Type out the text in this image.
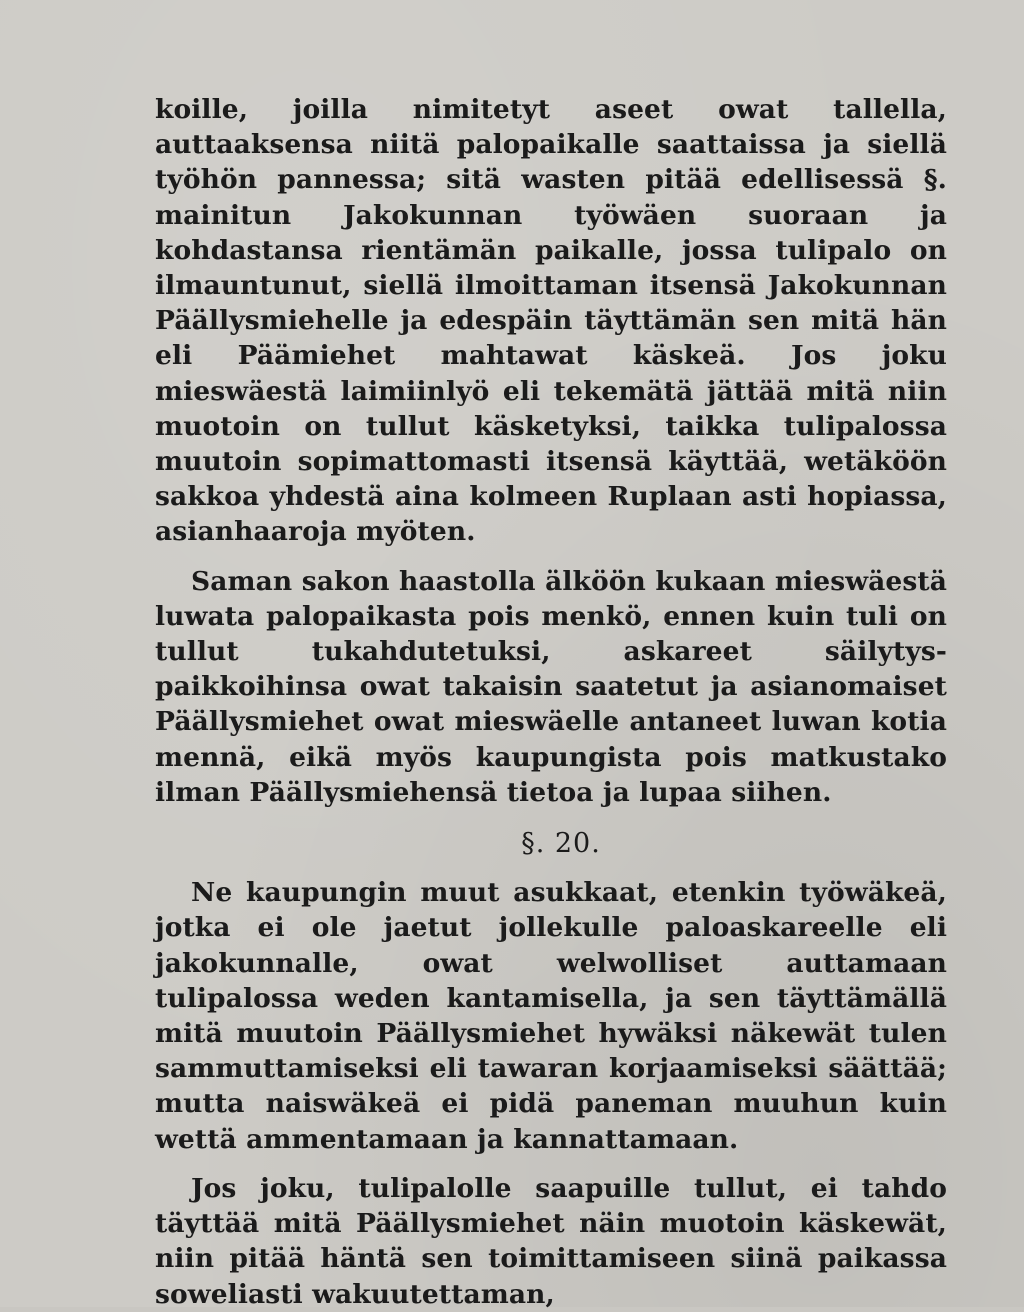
koille, joilla nimitetyt aseet owat tallella, auttaaksensa niitä palopaikalle saattaissa ja siellä työhön pannessa; sitä wasten pitää edellisessä §. mainitun Jakokunnan työwäen suoraan ja kohdastansa rientämän paikalle, jossa tulipalo on ilmauntunut, siellä ilmoittaman itsensä Jakokunnan Päällysmiehelle ja edespäin täyttämän sen mitä hän eli Päämiehet mahtawat käskeä. Jos joku mieswäestä laimiinlyö eli tekemätä jättää mitä niin muotoin on tullut käsketyksi, taikka tulipalossa muutoin sopimattomasti itsensä käyttää, wetäköön sakkoa yhdestä aina kolmeen Ruplaan asti hopiassa, asianhaaroja myöten.

Saman sakon haastolla älköön kukaan mieswäestä luwata palopaikasta pois menkö, ennen kuin tuli on tullut tukahdutetuksi, askareet säilytys-paikkoihinsa owat takaisin saatetut ja asianomaiset Päällysmiehet owat mieswäelle antaneet luwan kotia mennä, eikä myös kaupungista pois matkustako ilman Päällysmiehensä tietoa ja lupaa siihen.

§. 20.

Ne kaupungin muut asukkaat, etenkin työwäkeä, jotka ei ole jaetut jollekulle paloaskareelle eli jakokunnalle, owat welwolliset auttamaan tulipalossa weden kantamisella, ja sen täyttämällä mitä muutoin Päällysmiehet hywäksi näkewät tulen sammuttamiseksi eli tawaran korjaamiseksi säättää; mutta naiswäkeä ei pidä paneman muuhun kuin wettä ammentamaan ja kannattamaan.

Jos joku, tulipalolle saapuille tullut, ei tahdo täyttää mitä Päällysmiehet näin muotoin käskewät, niin pitää häntä sen toimittamiseen siinä paikassa soweliasti wakuutettaman,
